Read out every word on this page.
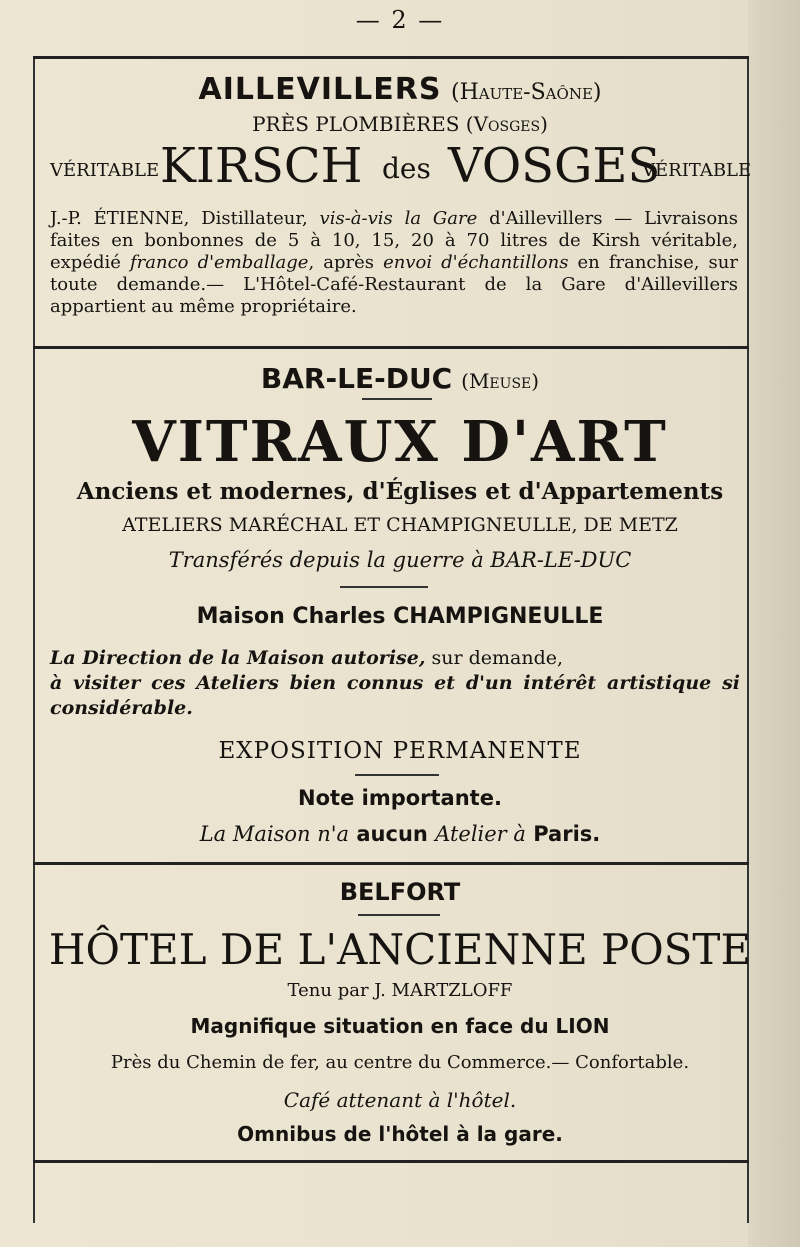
— 2 —
AILLEVILLERS (Haute-Saône)
PRÈS PLOMBIÈRES (Vosges)
VÉRITABLE KIRSCH des VOSGES
VÉRITABLE
J.-P. ÉTIENNE, Distillateur, vis-à-vis la Gare d'Aillevillers — Livraisons faites en bonbonnes de 5 à 10, 15, 20 à 70 litres de Kirsh véritable, expédié franco d'emballage, après envoi d'échantillons en franchise, sur toute demande.— L'Hôtel-Café-Restaurant de la Gare d'Aillevillers appartient au même propriétaire.
BAR-LE-DUC (Meuse)
VITRAUX D'ART
Anciens et modernes, d'Églises et d'Appartements
ATELIERS MARÉCHAL ET CHAMPIGNEULLE, DE METZ
Transférés depuis la guerre à BAR-LE-DUC
Maison Charles CHAMPIGNEULLE
La Direction de la Maison autorise, sur demande,
à visiter ces Ateliers bien connus et d'un intérêt artistique si considérable.
EXPOSITION PERMANENTE
Note importante.
La Maison n'a aucun Atelier à Paris.
BELFORT
HÔTEL DE L'ANCIENNE POSTE
Tenu par J. MARTZLOFF
Magnifique situation en face du LION
Près du Chemin de fer, au centre du Commerce.— Confortable.
Café attenant à l'hôtel.
Omnibus de l'hôtel à la gare.
